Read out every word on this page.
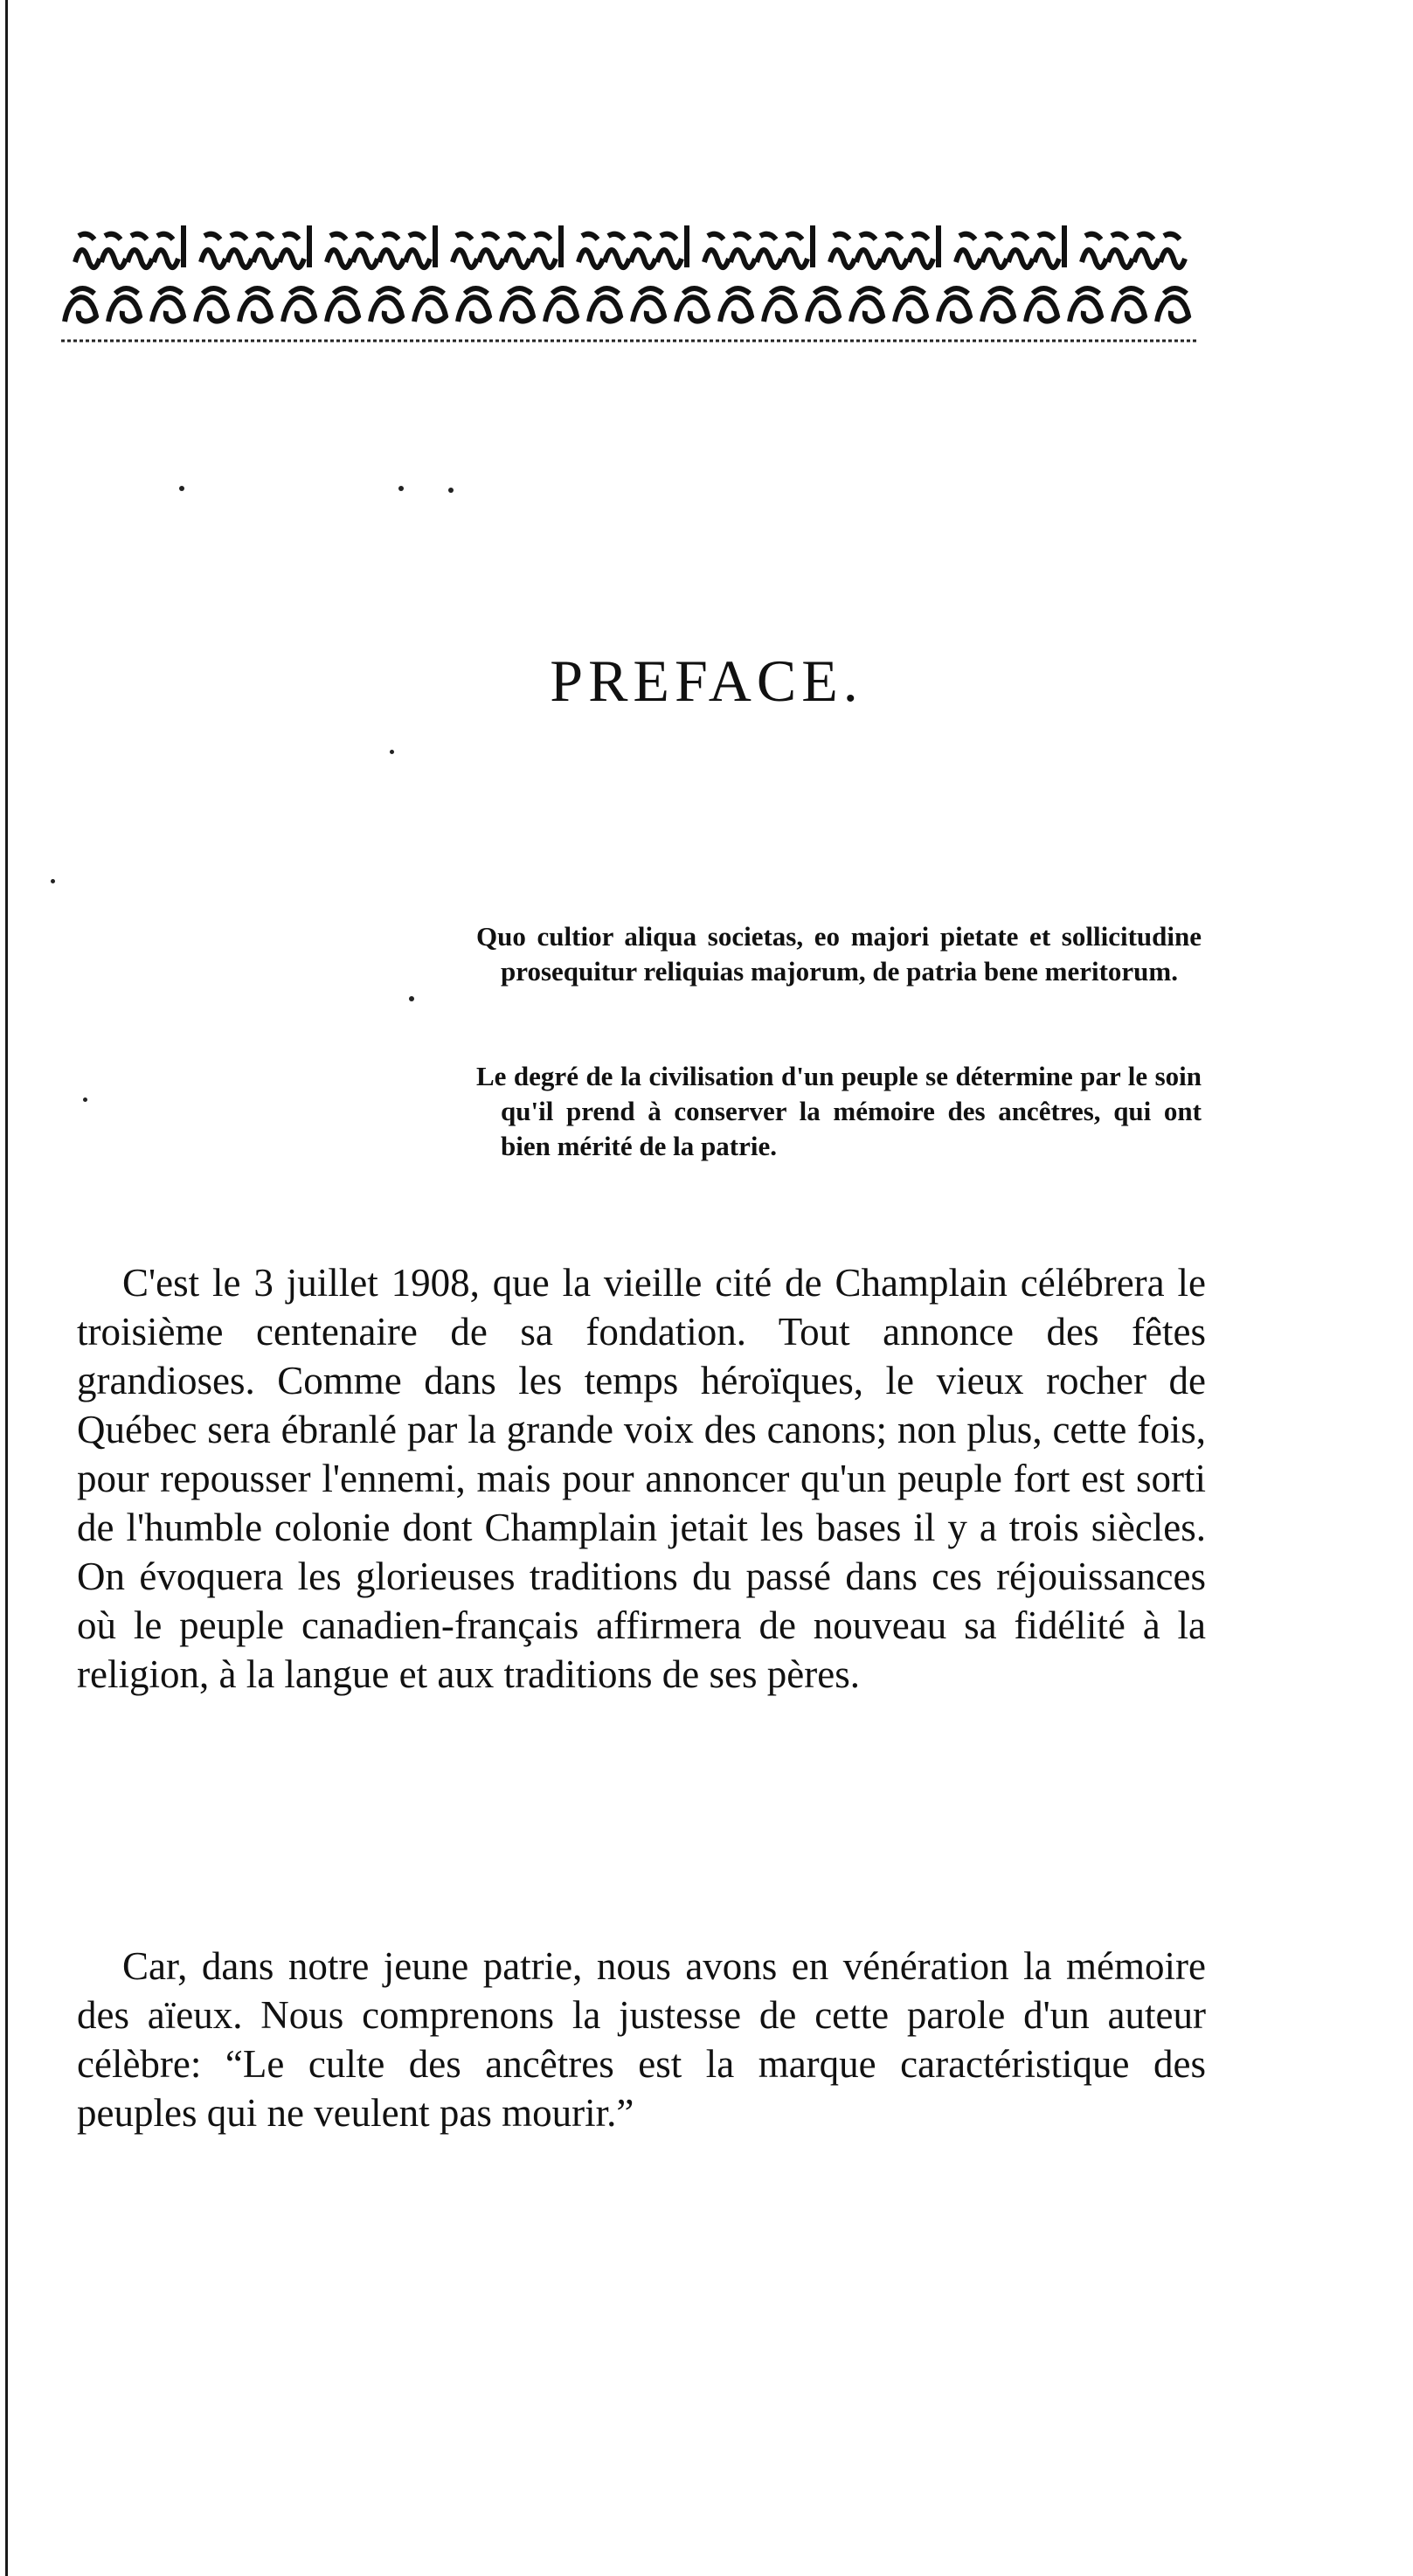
PREFACE.

Quo cultior aliqua societas, eo majori pietate et sollicitudine prosequitur reliquias majorum, de patria bene meritorum.

Le degré de la civilisation d'un peuple se détermine par le soin qu'il prend à conserver la mémoire des ancêtres, qui ont bien mérité de la patrie.

C'est le 3 juillet 1908, que la vieille cité de Champlain célébrera le troisième centenaire de sa fondation. Tout annonce des fêtes grandioses. Comme dans les temps héroïques, le vieux rocher de Québec sera ébranlé par la grande voix des canons; non plus, cette fois, pour repousser l'ennemi, mais pour annoncer qu'un peuple fort est sorti de l'humble colonie dont Champlain jetait les bases il y a trois siècles. On évoquera les glorieuses traditions du passé dans ces réjouissances où le peuple canadien-français affirmera de nouveau sa fidélité à la religion, à la langue et aux traditions de ses pères.

Car, dans notre jeune patrie, nous avons en vénération la mémoire des aïeux. Nous comprenons la justesse de cette parole d'un auteur célèbre: “Le culte des ancêtres est la marque caractéristique des peuples qui ne veulent pas mourir.”
